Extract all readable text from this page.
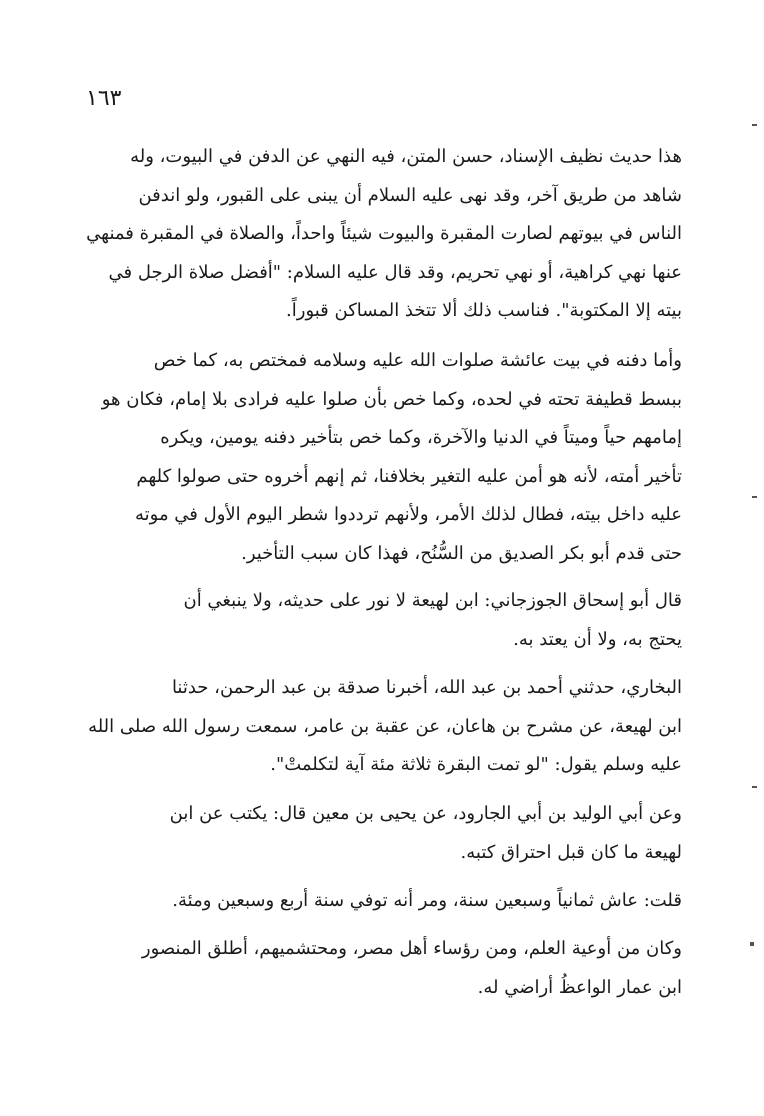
١٦٣
هذا حديث نظيف الإسناد، حسن المتن، فيه النهي عن الدفن في البيوت، وله
شاهد من طريق آخر، وقد نهى عليه السلام أن يبنى على القبور، ولو اندفن
الناس في بيوتهم لصارت المقبرة والبيوت شيئاً واحداً، والصلاة في المقبرة فمنهي
عنها نهي كراهية، أو نهي تحريم، وقد قال عليه السلام: "أفضل صلاة الرجل في
بيته إلا المكتوبة". فناسب ذلك ألا تتخذ المساكن قبوراً.
وأما دفنه في بيت عائشة صلوات الله عليه وسلامه فمختص به، كما خص
ببسط قطيفة تحته في لحده، وكما خص بأن صلوا عليه فرادى بلا إمام، فكان هو
إمامهم حياً وميتاً في الدنيا والآخرة، وكما خص بتأخير دفنه يومين، ويكره
تأخير أمته، لأنه هو أمن عليه التغير بخلافنا، ثم إنهم أخروه حتى صولوا كلهم
عليه داخل بيته، فطال لذلك الأمر، ولأنهم ترددوا شطر اليوم الأول في موته
حتى قدم أبو بكر الصديق من السُّنُح، فهذا كان سبب التأخير.
قال أبو إسحاق الجوزجاني: ابن لهيعة لا نور على حديثه، ولا ينبغي أن
يحتج به، ولا أن يعتد به.
البخاري، حدثني أحمد بن عبد الله، أخبرنا صدقة بن عبد الرحمن، حدثنا
ابن لهيعة، عن مشرح بن هاعان، عن عقبة بن عامر، سمعت رسول الله صلى الله
عليه وسلم يقول: "لو تمت البقرة ثلاثة مئة آية لتكلمتْ".
وعن أبي الوليد بن أبي الجارود، عن يحيى بن معين قال: يكتب عن ابن
لهيعة ما كان قبل احتراق كتبه.
قلت: عاش ثمانياً وسبعين سنة، ومر أنه توفي سنة أربع وسبعين ومئة.
وكان من أوعية العلم، ومن رؤساء أهل مصر، ومحتشميهم، أطلق المنصور
ابن عمار الواعظُ أراضي له.
